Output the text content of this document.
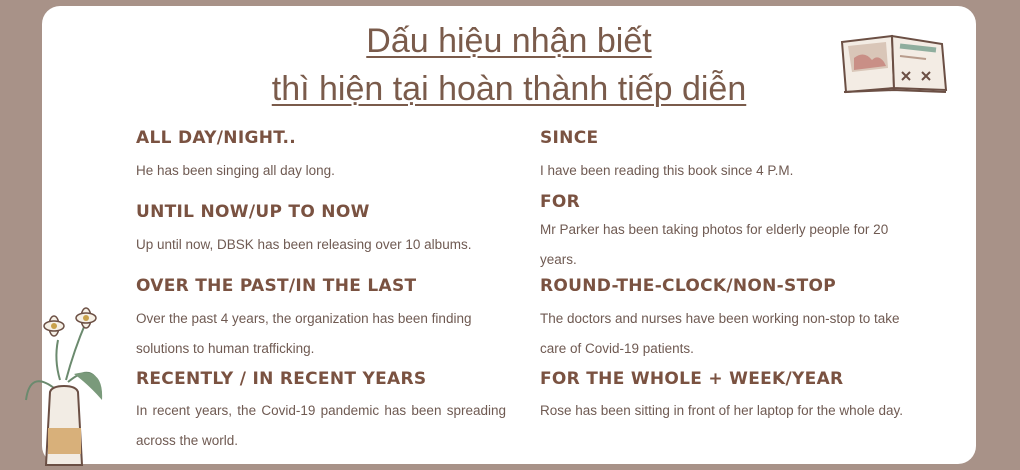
Dấu hiệu nhận biết
thì hiện tại hoàn thành tiếp diễn
ALL DAY/NIGHT..

He has been singing all day long.

UNTIL NOW/UP TO NOW

Up until now, DBSK has been releasing over 10 albums.

OVER THE PAST/IN THE LAST

Over the past 4 years, the organization has been finding solutions to human trafficking.

RECENTLY / IN RECENT YEARS

In recent years, the Covid-19 pandemic has been spreading across the world.

SINCE

I have been reading this book since 4 P.M.

FOR

Mr Parker has been taking photos for elderly people for 20 years.

ROUND-THE-CLOCK/NON-STOP

The doctors and nurses have been working non-stop to take care of Covid-19 patients.

FOR THE WHOLE + WEEK/YEAR

Rose has been sitting in front of her laptop for the whole day.
